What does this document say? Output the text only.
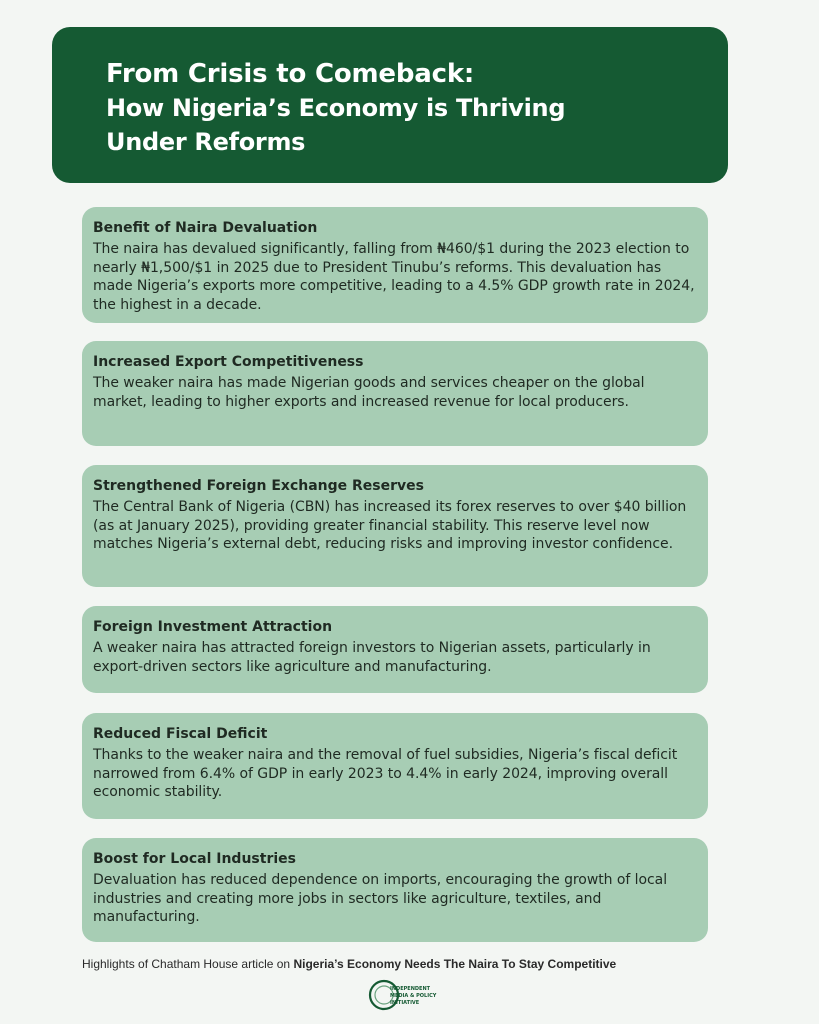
From Crisis to Comeback:
How Nigeria’s Economy is Thriving
Under Reforms
Benefit of Naira Devaluation
The naira has devalued significantly, falling from ₦460/$1 during the 2023 election to nearly ₦1,500/$1 in 2025 due to President Tinubu’s reforms. This devaluation has made Nigeria’s exports more competitive, leading to a 4.5% GDP growth rate in 2024, the highest in a decade.
Increased Export Competitiveness
The weaker naira has made Nigerian goods and services cheaper on the global market, leading to higher exports and increased revenue for local producers.
Strengthened Foreign Exchange Reserves
The Central Bank of Nigeria (CBN) has increased its forex reserves to over $40 billion (as at January 2025), providing greater financial stability. This reserve level now matches Nigeria’s external debt, reducing risks and improving investor confidence.
Foreign Investment Attraction
A weaker naira has attracted foreign investors to Nigerian assets, particularly in export-driven sectors like agriculture and manufacturing.
Reduced Fiscal Deficit
Thanks to the weaker naira and the removal of fuel subsidies, Nigeria’s fiscal deficit narrowed from 6.4% of GDP in early 2023 to 4.4% in early 2024, improving overall economic stability.
Boost for Local Industries
Devaluation has reduced dependence on imports, encouraging the growth of local industries and creating more jobs in sectors like agriculture, textiles, and manufacturing.
Highlights of Chatham House article on Nigeria’s Economy Needs The Naira To Stay Competitive
INDEPENDENT
MEDIA & POLICY
INITIATIVE
